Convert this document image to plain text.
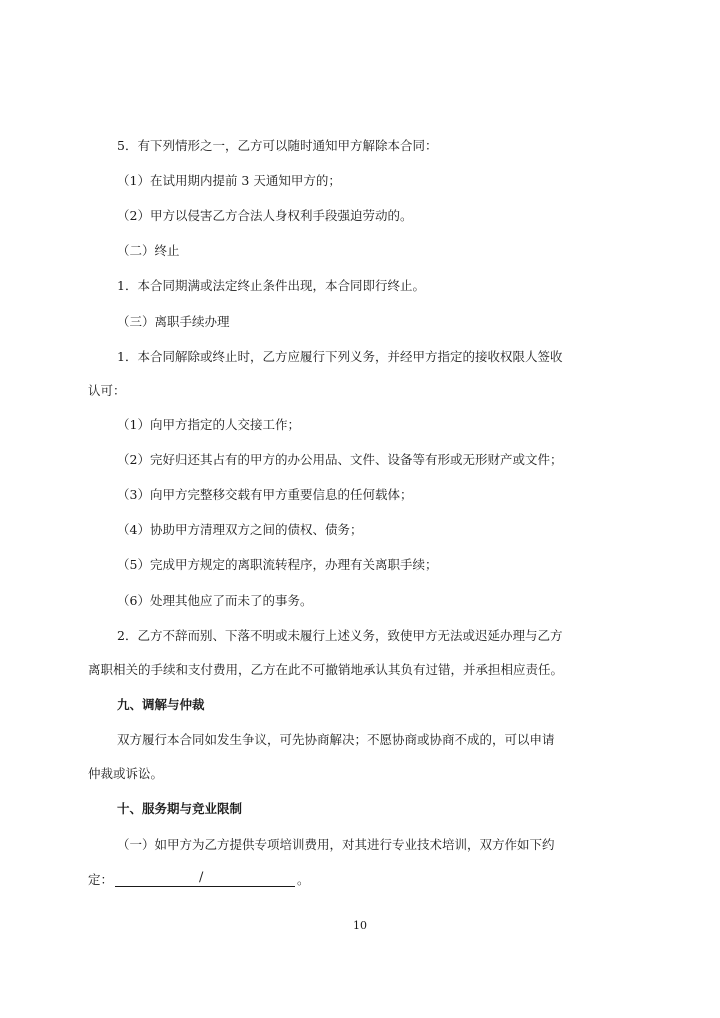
5．有下列情形之一，乙方可以随时通知甲方解除本合同：

（1）在试用期内提前 3 天通知甲方的；

（2）甲方以侵害乙方合法人身权利手段强迫劳动的。

（二）终止

1．本合同期满或法定终止条件出现，本合同即行终止。

（三）离职手续办理

1．本合同解除或终止时，乙方应履行下列义务，并经甲方指定的接收权限人签收

认可：

（1）向甲方指定的人交接工作；

（2）完好归还其占有的甲方的办公用品、文件、设备等有形或无形财产或文件；

（3）向甲方完整移交载有甲方重要信息的任何载体；

（4）协助甲方清理双方之间的债权、债务；

（5）完成甲方规定的离职流转程序，办理有关离职手续；

（6）处理其他应了而未了的事务。

2．乙方不辞而别、下落不明或未履行上述义务，致使甲方无法或迟延办理与乙方

离职相关的手续和支付费用，乙方在此不可撤销地承认其负有过错，并承担相应责任。

九、调解与仲裁

双方履行本合同如发生争议，可先协商解决；不愿协商或协商不成的，可以申请

仲裁或诉讼。

十、服务期与竞业限制

（一）如甲方为乙方提供专项培训费用，对其进行专业技术培训，双方作如下约

定：	/	。

10
